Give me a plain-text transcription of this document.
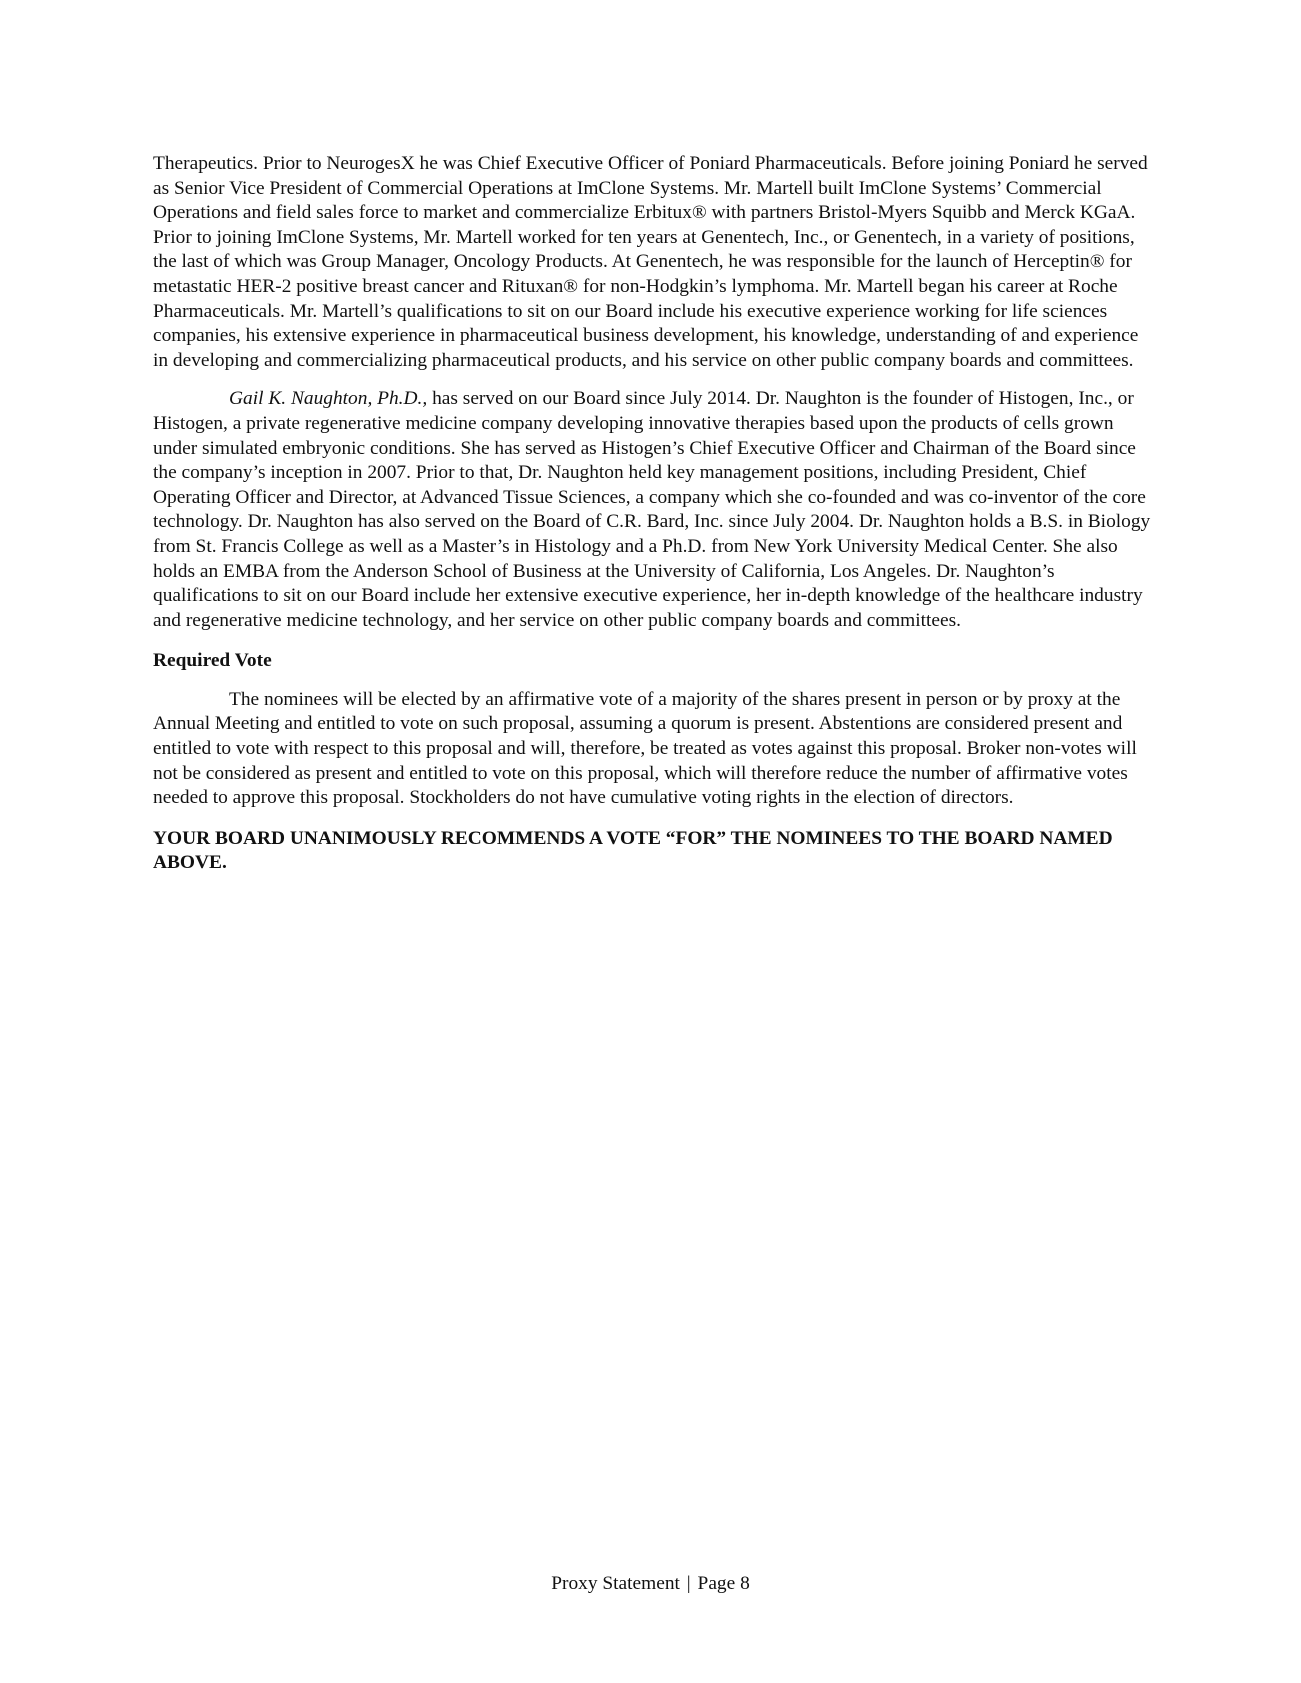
Therapeutics. Prior to NeurogesX he was Chief Executive Officer of Poniard Pharmaceuticals. Before joining Poniard he served as Senior Vice President of Commercial Operations at ImClone Systems. Mr. Martell built ImClone Systems’ Commercial Operations and field sales force to market and commercialize Erbitux® with partners Bristol-Myers Squibb and Merck KGaA. Prior to joining ImClone Systems, Mr. Martell worked for ten years at Genentech, Inc., or Genentech, in a variety of positions, the last of which was Group Manager, Oncology Products. At Genentech, he was responsible for the launch of Herceptin® for metastatic HER-2 positive breast cancer and Rituxan® for non-Hodgkin’s lymphoma. Mr. Martell began his career at Roche Pharmaceuticals. Mr. Martell’s qualifications to sit on our Board include his executive experience working for life sciences companies, his extensive experience in pharmaceutical business development, his knowledge, understanding of and experience in developing and commercializing pharmaceutical products, and his service on other public company boards and committees.

Gail K. Naughton, Ph.D., has served on our Board since July 2014. Dr. Naughton is the founder of Histogen, Inc., or Histogen, a private regenerative medicine company developing innovative therapies based upon the products of cells grown under simulated embryonic conditions. She has served as Histogen’s Chief Executive Officer and Chairman of the Board since the company’s inception in 2007. Prior to that, Dr. Naughton held key management positions, including President, Chief Operating Officer and Director, at Advanced Tissue Sciences, a company which she co-founded and was co-inventor of the core technology. Dr. Naughton has also served on the Board of C.R. Bard, Inc. since July 2004. Dr. Naughton holds a B.S. in Biology from St. Francis College as well as a Master’s in Histology and a Ph.D. from New York University Medical Center. She also holds an EMBA from the Anderson School of Business at the University of California, Los Angeles. Dr. Naughton’s qualifications to sit on our Board include her extensive executive experience, her in-depth knowledge of the healthcare industry and regenerative medicine technology, and her service on other public company boards and committees.

Required Vote

The nominees will be elected by an affirmative vote of a majority of the shares present in person or by proxy at the Annual Meeting and entitled to vote on such proposal, assuming a quorum is present. Abstentions are considered present and entitled to vote with respect to this proposal and will, therefore, be treated as votes against this proposal. Broker non-votes will not be considered as present and entitled to vote on this proposal, which will therefore reduce the number of affirmative votes needed to approve this proposal. Stockholders do not have cumulative voting rights in the election of directors.

YOUR BOARD UNANIMOUSLY RECOMMENDS A VOTE “FOR” THE NOMINEES TO THE BOARD NAMED ABOVE.

Proxy Statement | Page 8
